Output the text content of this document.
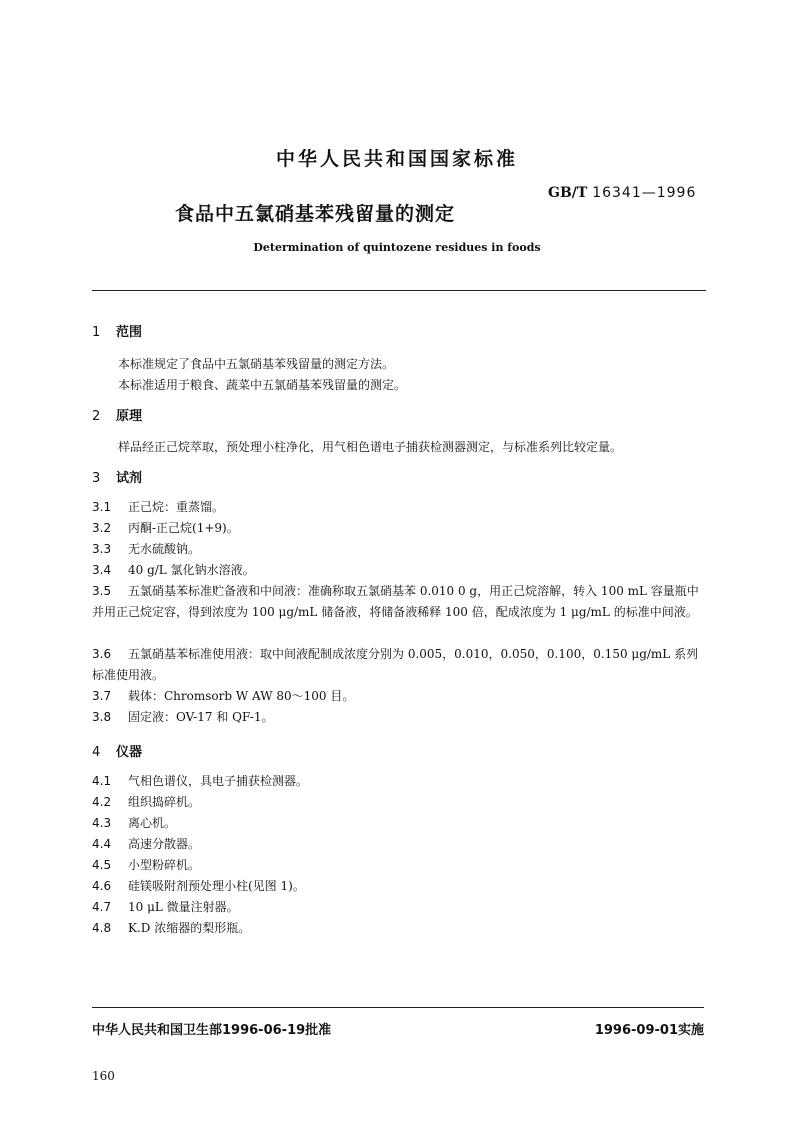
中华人民共和国国家标准
GB/T 16341—1996
食品中五氯硝基苯残留量的测定
Determination of quintozene residues in foods
1 范围
本标准规定了食品中五氯硝基苯残留量的测定方法。
本标准适用于粮食、蔬菜中五氯硝基苯残留量的测定。
2 原理
样品经正己烷萃取，预处理小柱净化，用气相色谱电子捕获检测器测定，与标准系列比较定量。
3 试剂
3.1 正己烷：重蒸馏。
3.2 丙酮-正己烷(1+9)。
3.3 无水硫酸钠。
3.4 40 g/L 氯化钠水溶液。
3.5 五氯硝基苯标准贮备液和中间液：准确称取五氯硝基苯 0.010 0 g，用正己烷溶解，转入 100 mL 容量瓶中并用正己烷定容，得到浓度为 100 μg/mL 储备液，将储备液稀释 100 倍，配成浓度为 1 μg/mL 的标准中间液。
3.6 五氯硝基苯标准使用液：取中间液配制成浓度分别为 0.005，0.010，0.050，0.100，0.150 μg/mL 系列标准使用液。
3.7 载体：Chromsorb W AW 80～100 目。
3.8 固定液：OV-17 和 QF-1。
4 仪器
4.1 气相色谱仪，具电子捕获检测器。
4.2 组织捣碎机。
4.3 离心机。
4.4 高速分散器。
4.5 小型粉碎机。
4.6 硅镁吸附剂预处理小柱(见图 1)。
4.7 10 μL 微量注射器。
4.8 K.D 浓缩器的梨形瓶。
中华人民共和国卫生部1996-06-19批准	1996-09-01实施
160
